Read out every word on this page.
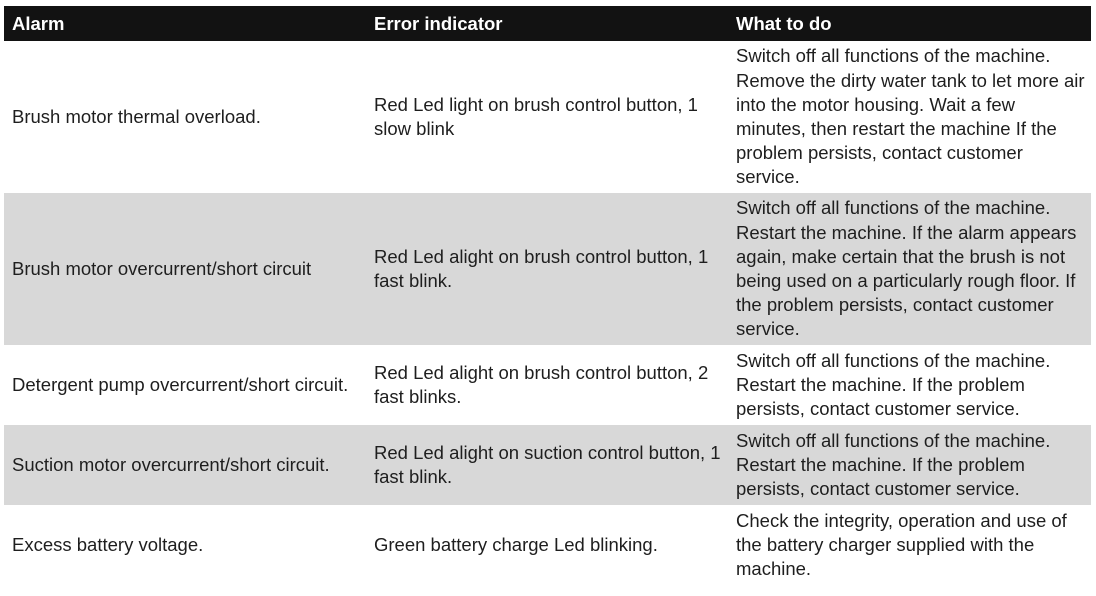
Alarm	Error indicator	What to do
Brush motor thermal overload.	Red Led light on brush control button, 1 slow blink	Switch off all functions of the machine. Remove the dirty water tank to let more air into the motor housing. Wait a few minutes, then restart the machine If the problem persists, contact customer service.
Brush motor overcurrent/short circuit	Red Led alight on brush control button, 1 fast blink.	Switch off all functions of the machine. Restart the machine. If the alarm appears again, make certain that the brush is not being used on a particularly rough floor. If the problem persists, contact customer service.
Detergent pump overcurrent/short circuit.	Red Led alight on brush control button, 2 fast blinks.	Switch off all functions of the machine. Restart the machine. If the problem persists, contact customer service.
Suction motor overcurrent/short circuit.	Red Led alight on suction control button, 1 fast blink.	Switch off all functions of the machine. Restart the machine. If the problem persists, contact customer service.
Excess battery voltage.	Green battery charge Led blinking.	Check the integrity, operation and use of the battery charger supplied with the machine.
